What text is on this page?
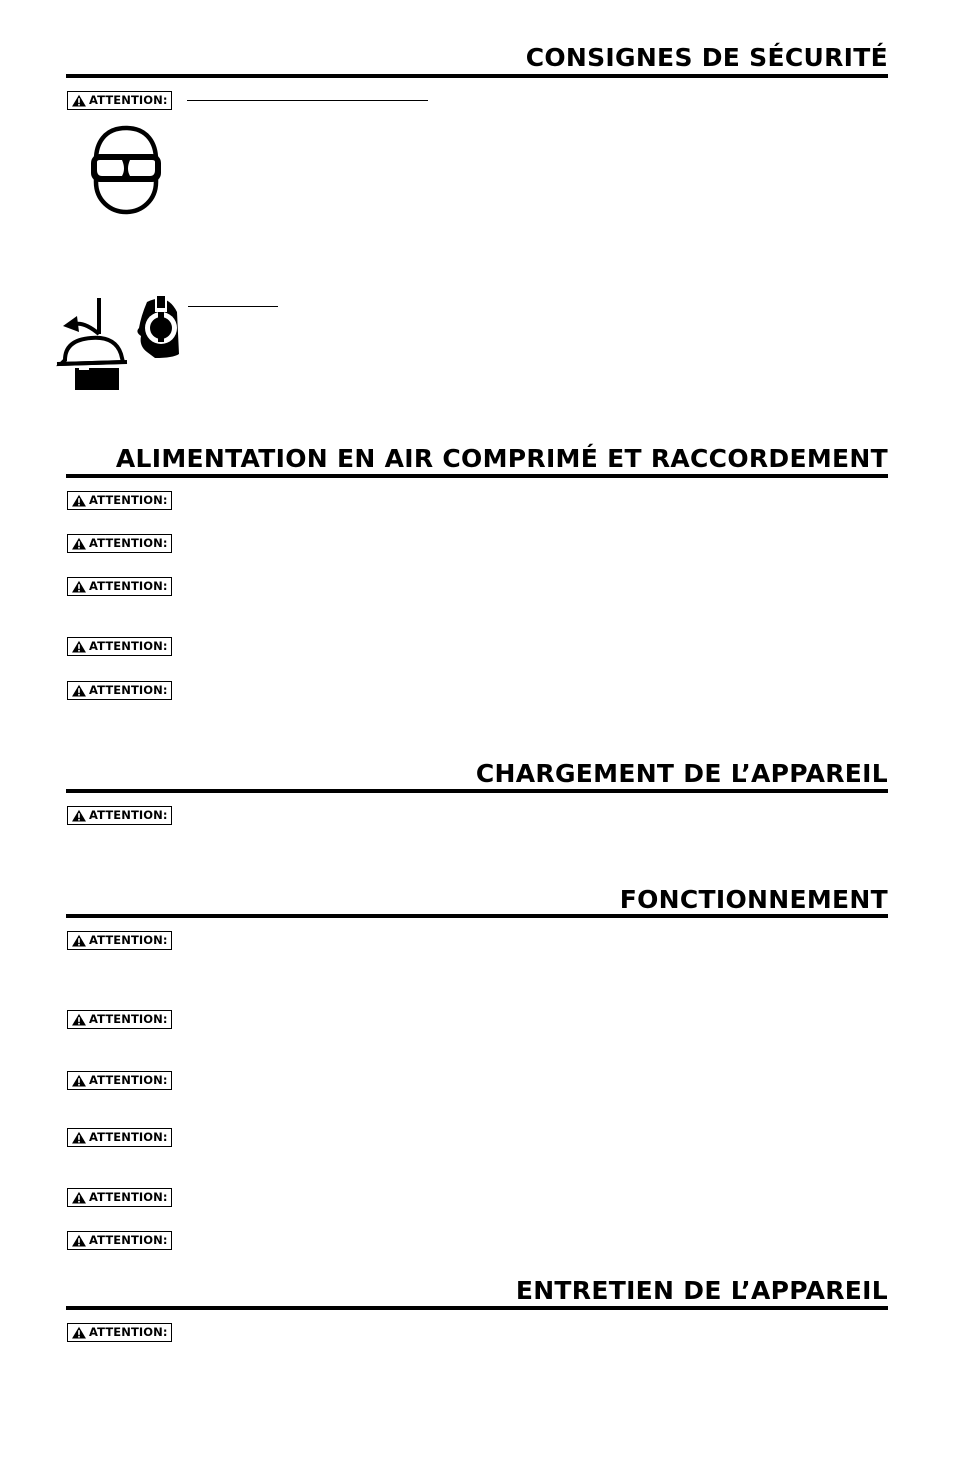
CONSIGNES DE SÉCURITÉ
ATTENTION:
ALIMENTATION EN AIR COMPRIMÉ ET RACCORDEMENT
ATTENTION:
ATTENTION:
ATTENTION:
ATTENTION:
ATTENTION:
CHARGEMENT DE L’APPAREIL
ATTENTION:
FONCTIONNEMENT
ATTENTION:
ATTENTION:
ATTENTION:
ATTENTION:
ATTENTION:
ATTENTION:
ENTRETIEN DE L’APPAREIL
ATTENTION:
